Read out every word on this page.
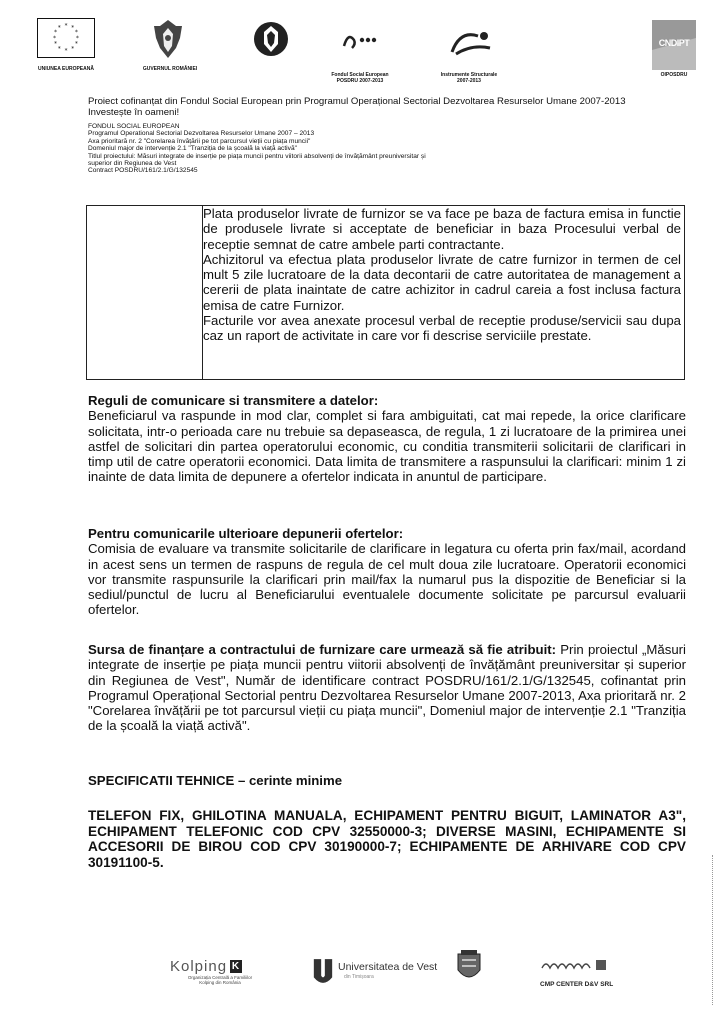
* *
*
*
*
*
*
*
*
*
*
*
UNIUNEA EUROPEANĂ	GUVERNUL ROMÂNIEI
Fondul Social European
POSDRU 2007-2013
Instrumente Structurale
2007-2013
CNDIPT
OIPOSDRU
Proiect cofinanțat din Fondul Social European prin Programul Operațional Sectorial Dezvoltarea Resurselor Umane 2007-2013
Investește în oameni!
FONDUL SOCIAL EUROPEAN
Programul Operational Sectorial Dezvoltarea Resurselor Umane 2007 – 2013
Axa prioritară nr. 2 "Corelarea învățării pe tot parcursul vieții cu piața muncii"
Domeniul major de intervenție 2.1 "Tranziția de la școală la viață activă"
Titlul proiectului: Măsuri integrate de inserție pe piața muncii pentru viitorii absolvenți de învățământ preuniversitar și
superior din Regiunea de Vest
Contract POSDRU/161/2.1/G/132545

Plata produselor livrate de furnizor se va face pe baza de factura emisa in functie de produsele livrate si acceptate de beneficiar in baza Procesului verbal de receptie semnat de catre ambele parti contractante.

Achizitorul va efectua plata produselor livrate de catre furnizor in termen de cel mult 5 zile lucratoare de la data decontarii de catre autoritatea de management a cererii de plata inaintate de catre achizitor in cadrul careia a fost inclusa factura emisa de catre Furnizor.

Facturile vor avea anexate procesul verbal de receptie produse/servicii sau dupa caz un raport de activitate in care vor fi descrise serviciile prestate.

Reguli de comunicare si transmitere a datelor:

Beneficiarul va raspunde in mod clar, complet si fara ambiguitati, cat mai repede, la orice clarificare solicitata, intr-o perioada care nu trebuie sa depaseasca, de regula, 1 zi lucratoare de la primirea unei astfel de solicitari din partea operatorului economic, cu conditia transmiterii solicitarii de clarificari in timp util de catre operatorii economici. Data limita de transmitere a raspunsului la clarificari: minim 1 zi inainte de data limita de depunere a ofertelor indicata in anuntul de participare.

Pentru comunicarile ulterioare depunerii ofertelor:

Comisia de evaluare va transmite solicitarile de clarificare in legatura cu oferta prin fax/mail, acordand in acest sens un termen de raspuns de regula de cel mult doua zile lucratoare. Operatorii economici vor transmite raspunsurile la clarificari prin mail/fax la numarul pus la dispozitie de Beneficiar si la sediul/punctul de lucru al Beneficiarului eventualele documente solicitate pe parcursul evaluarii ofertelor.

Sursa de finanțare a contractului de furnizare care urmează să fie atribuit: Prin proiectul „Măsuri integrate de inserție pe piața muncii pentru viitorii absolvenți de învățământ preuniversitar și superior din Regiunea de Vest", Număr de identificare contract POSDRU/161/2.1/G/132545, cofinantat prin Programul Operațional Sectorial pentru Dezvoltarea Resurselor Umane 2007-2013, Axa prioritară nr. 2 "Corelarea învățării pe tot parcursul vieții cu piața muncii", Domeniul major de intervenție 2.1 "Tranziția de la școală la viață activă".

SPECIFICATII TEHNICE – cerinte minime

TELEFON FIX, GHILOTINA MANUALA, ECHIPAMENT PENTRU BIGUIT, LAMINATOR A3", ECHIPAMENT TELEFONIC COD CPV 32550000-3; DIVERSE MASINI, ECHIPAMENTE SI ACCESORII DE BIROU COD CPV 30190000-7; ECHIPAMENTE DE ARHIVARE COD CPV 30191100-5.
Kolping K
Organizația Centrală a Familiilor
Kolping din România
Universitatea de Vest
din Timișoara
CMP CENTER D&V SRL
